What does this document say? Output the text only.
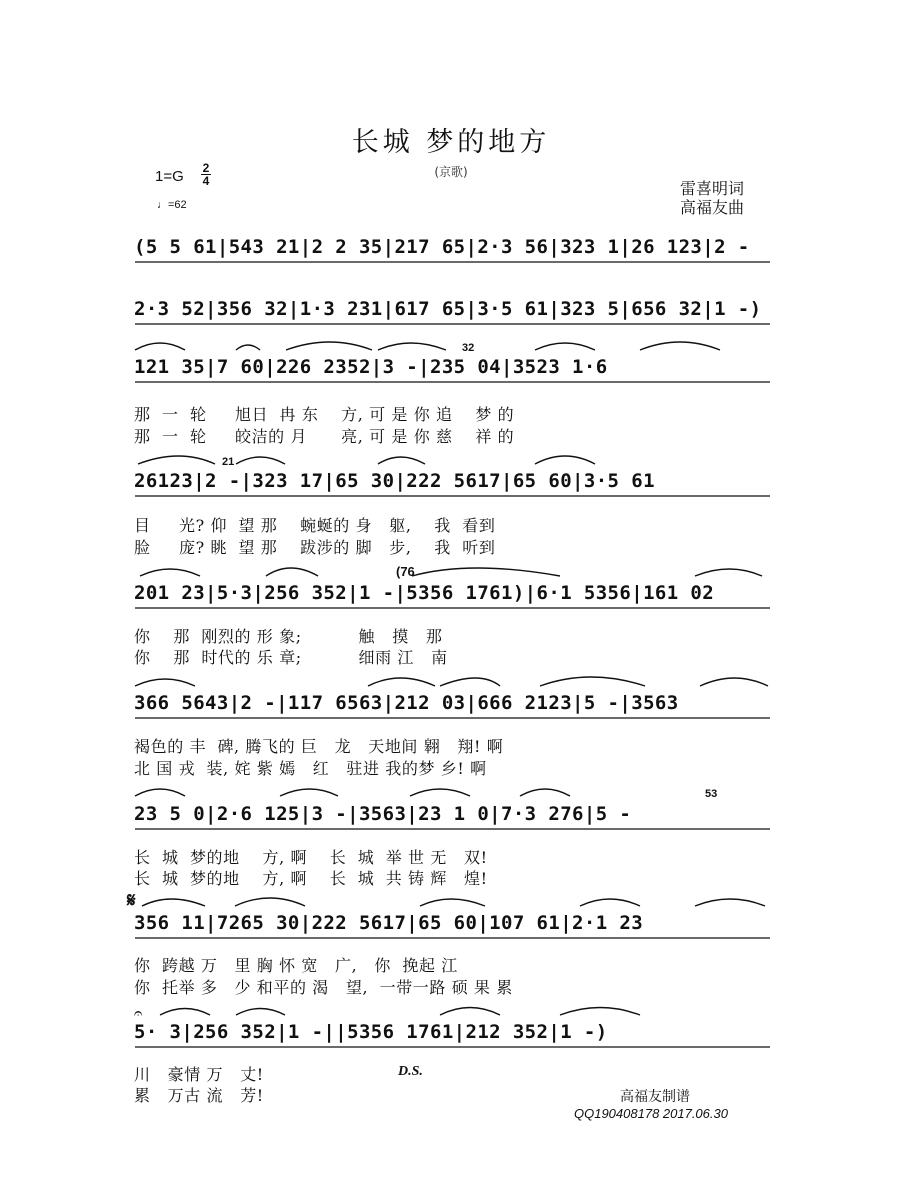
长城 梦的地方
(京歌)
1=G 2
4
♩=62
雷喜明词
高福友曲
(5 5 61|543 21|2 2 35|217 65|2·3 56|323 1|26 123|2 -
2·3 52|356 32|1·3 231|617 65|3·5 61|323 5|656 32|1 -)
121 35|7 60|226 2352|3 -|235 04|3523 1·6
那  一  轮     旭日  冉 东    方, 可 是 你 追    梦 的
那  一  轮     皎洁的 月      亮, 可 是 你 慈    祥 的
26123|2 -|323 17|65 30|222 5617|65 60|3·5 61
目     光? 仰  望 那    蜿蜒的 身   躯,    我  看到
脸     庞? 眺  望 那    跋涉的 脚   步,    我  听到
201 23|5·3|256 352|1 -|5356 1761)|6·1 5356|161 02
你    那  刚烈的 形 象;          触   摸   那
你    那  时代的 乐 章;          细雨 江   南
366 5643|2 -|117 6563|212 03|666 2123|5 -|3563
褐色的 丰  碑, 腾飞的 巨   龙   天地间 翱   翔! 啊
北 国 戎  装, 姹 紫 嫣   红   驻进 我的梦 乡! 啊
23 5 0|2·6 125|3 -|3563|23 1 0|7·3 276|5 -
长  城  梦的地    方, 啊    长  城  举 世 无   双!
长  城  梦的地    方, 啊    长  城  共 铸 辉   煌!
𝄋
356 11|7265 30|222 5617|65 60|107 61|2·1 23
你  跨越 万   里 胸 怀 宽   广,   你  挽起 江
你  托举 多   少 和平的 渴   望,  一带一路 硕 果 累
𝄐
5· 3|256 352|1 -||5356 1761|212 352|1 -)
川   豪情 万   丈!
累   万古 流   芳!
D.S.
32
21
(76
53
高福友制谱
QQ190408178 2017.06.30
